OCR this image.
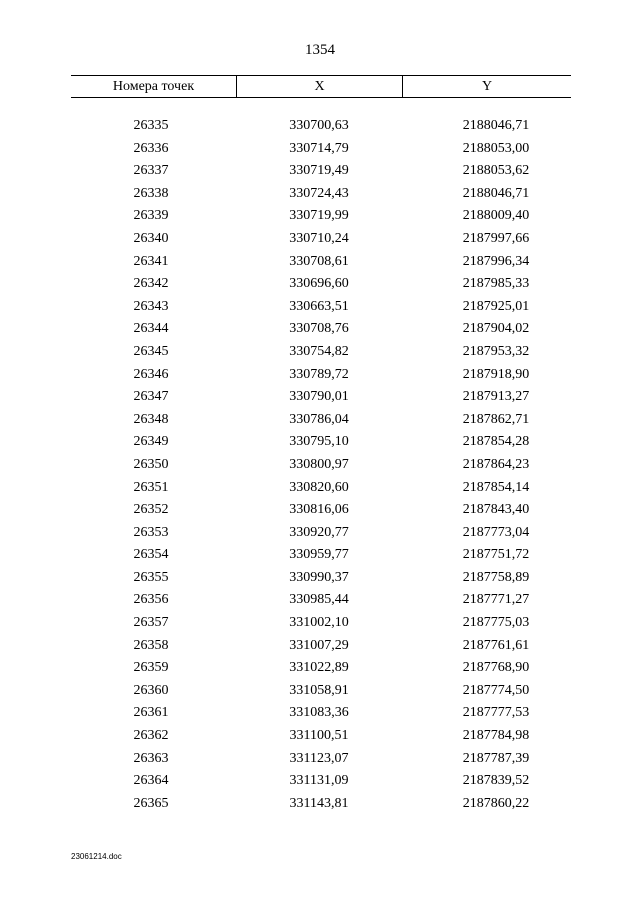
1354
Номера точек	X	Y
26335	330700,63	2188046,71
26336	330714,79	2188053,00
26337	330719,49	2188053,62
26338	330724,43	2188046,71
26339	330719,99	2188009,40
26340	330710,24	2187997,66
26341	330708,61	2187996,34
26342	330696,60	2187985,33
26343	330663,51	2187925,01
26344	330708,76	2187904,02
26345	330754,82	2187953,32
26346	330789,72	2187918,90
26347	330790,01	2187913,27
26348	330786,04	2187862,71
26349	330795,10	2187854,28
26350	330800,97	2187864,23
26351	330820,60	2187854,14
26352	330816,06	2187843,40
26353	330920,77	2187773,04
26354	330959,77	2187751,72
26355	330990,37	2187758,89
26356	330985,44	2187771,27
26357	331002,10	2187775,03
26358	331007,29	2187761,61
26359	331022,89	2187768,90
26360	331058,91	2187774,50
26361	331083,36	2187777,53
26362	331100,51	2187784,98
26363	331123,07	2187787,39
26364	331131,09	2187839,52
26365	331143,81	2187860,22
23061214.doc
